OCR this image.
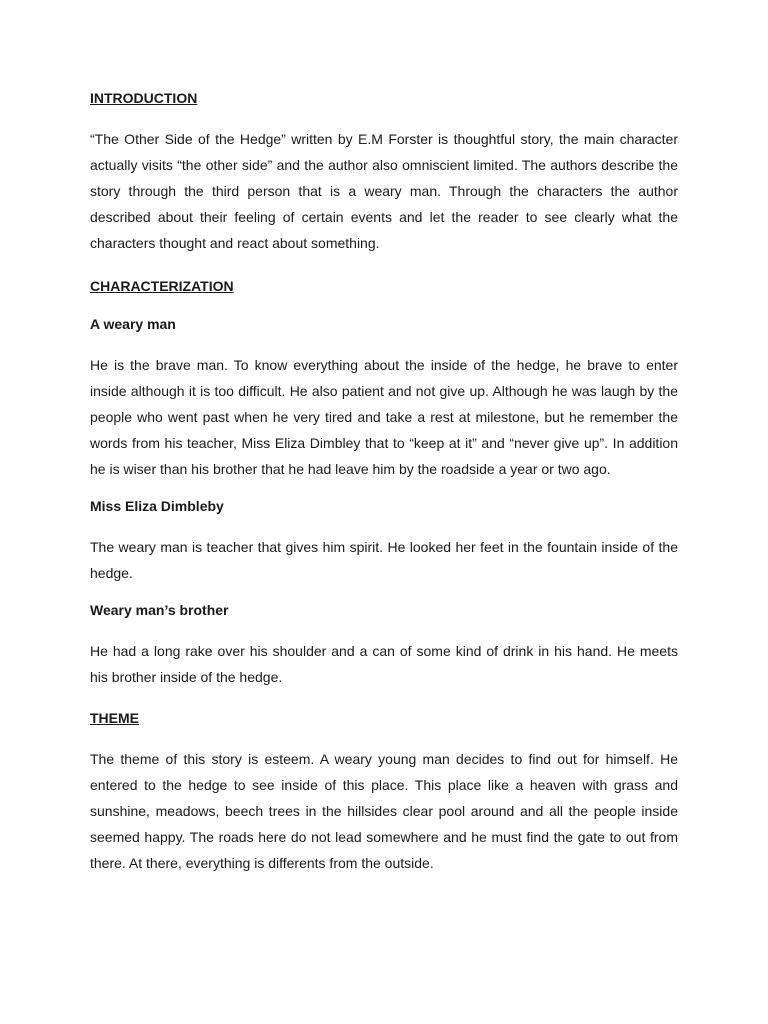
INTRODUCTION

“The Other Side of the Hedge” written by E.M Forster is thoughtful story, the main character actually visits “the other side” and the author also omniscient limited. The authors describe the story through the third person that is a weary man. Through the characters the author described about their feeling of certain events and let the reader to see clearly what the characters thought and react about something.

CHARACTERIZATION

A weary man

He is the brave man. To know everything about the inside of the hedge, he brave to enter inside although it is too difficult. He also patient and not give up. Although he was laugh by the people who went past when he very tired and take a rest at milestone, but he remember the words from his teacher, Miss Eliza Dimbley that to “keep at it” and “never give up”. In addition he is wiser than his brother that he had leave him by the roadside a year or two ago.

Miss Eliza Dimbleby

The weary man is teacher that gives him spirit. He looked her feet in the fountain inside of the hedge.

Weary man’s brother

He had a long rake over his shoulder and a can of some kind of drink in his hand. He meets his brother inside of the hedge.

THEME

The theme of this story is esteem. A weary young man decides to find out for himself. He entered to the hedge to see inside of this place. This place like a heaven with grass and sunshine, meadows, beech trees in the hillsides clear pool around and all the people inside seemed happy. The roads here do not lead somewhere and he must find the gate to out from there. At there, everything is differents from the outside.
